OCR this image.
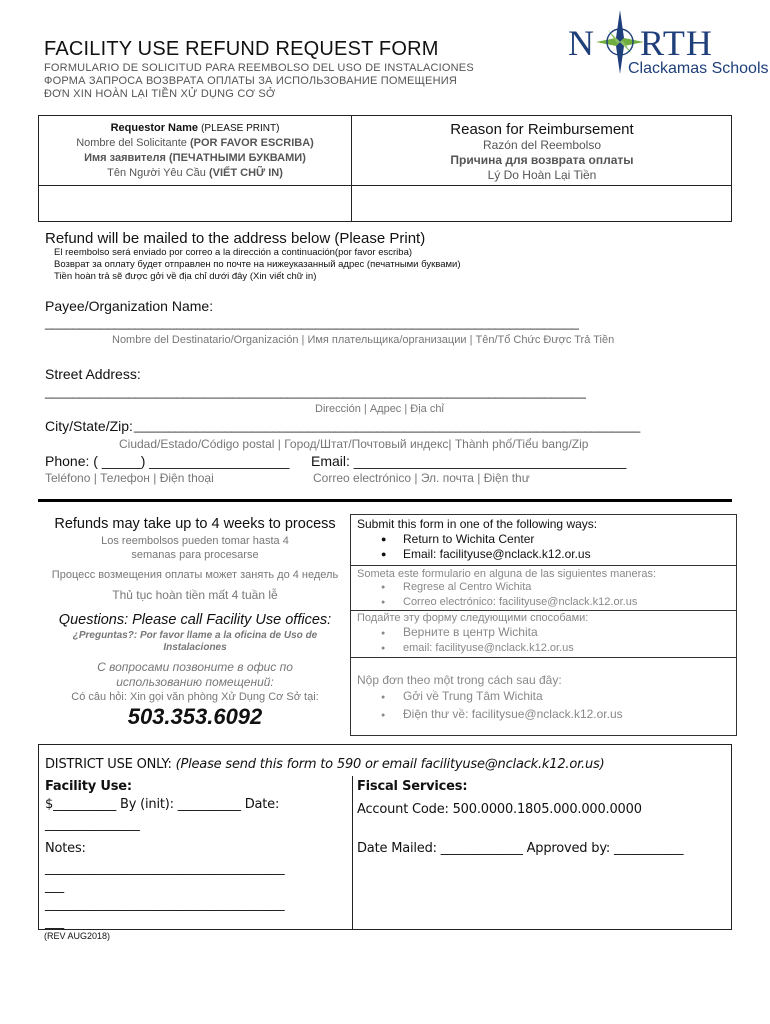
FACILITY USE REFUND REQUEST FORM
FORMULARIO DE SOLICITUD PARA REEMBOLSO DEL USO DE INSTALACIONES
ФОРМА ЗАПРОСА ВОЗВРАТА ОПЛАТЫ ЗА ИСПОЛЬЗОВАНИЕ ПОМЕЩЕНИЯ
ĐƠN XIN HOÀN LẠI TIỀN XỬ DỤNG CƠ SỞ
N RTH
Clackamas Schools
Requestor Name (PLEASE PRINT)
Nombre del Solicitante (POR FAVOR ESCRIBA)
Имя заявителя (ПЕЧАТНЫМИ БУКВАМИ)
Tên Người Yêu Cầu (VIẾT CHỮ IN)
Reason for Reimbursement
Razón del Reembolso
Причина для возврата оплаты
Lý Do Hoàn Lại Tiền
Refund will be mailed to the address below (Please Print)
El reembolso será enviado por correo a la dirección a continuación(por favor escriba)
Возврат за оплату будет отправлен по почте на нижеуказанный адрес (печатными буквами)
Tiền hoàn trả sẽ được gởi về địa chỉ dưới đây (Xin viết chữ in)
Payee/Organization Name:
_____________________________________________________________________________
Nombre del Destinatario/Organización | Имя плательщика/организации | Tên/Tổ Chức Được Trả Tiền
Street Address:
______________________________________________________________________________
Dirección | Адрес | Địa chỉ
City/State/Zip: _________________________________________________________________________
Ciudad/Estado/Código postal | Город/Штат/Почтовый индекс| Thành phố/Tiểu bang/Zip
Phone: ( _____) __________________ Email: ___________________________________
Teléfono | Телефон | Điện thoại	Correo electrónico | Эл. почта | Điện thư
Refunds may take up to 4 weeks to process
Los reembolsos pueden tomar hasta 4 semanas para procesarse
Процесс возмещения оплаты может занять до 4 недель
Thủ tục hoàn tiền mất 4 tuần lễ
Questions: Please call Facility Use offices:
¿Preguntas?: Por favor llame a la oficina de Uso de Instalaciones
С вопросами позвоните в офис по использованию помещений:
Có câu hỏi: Xin gọi văn phòng Xử Dụng Cơ Sở tại:
503.353.6092
Submit this form in one of the following ways:
● Return to Wichita Center
● Email: facilityuse@nclack.k12.or.us
Someta este formulario en alguna de las siguientes maneras:
● Regrese al Centro Wichita
● Correo electrónico: facilityuse@nclack.k12.or.us
Подайте эту форму следующими способами:
● Верните в центр Wichita
● email: facilityuse@nclack.k12.or.us
Nộp đơn theo một trong cách sau đây:
● Gởi về Trung Tâm Wichita
● Điện thư về: facilitysue@nclack.k12.or.us
DISTRICT USE ONLY: (Please send this form to 590 or email facilityuse@nclack.k12.or.us)
Facility Use:
$__________ By (init): __________ Date:
_______________
Notes:
______________________________________
___
______________________________________
___
Fiscal Services:
Account Code: 500.0000.1805.000.000.0000
Date Mailed: _____________ Approved by: ___________
(REV AUG2018)
